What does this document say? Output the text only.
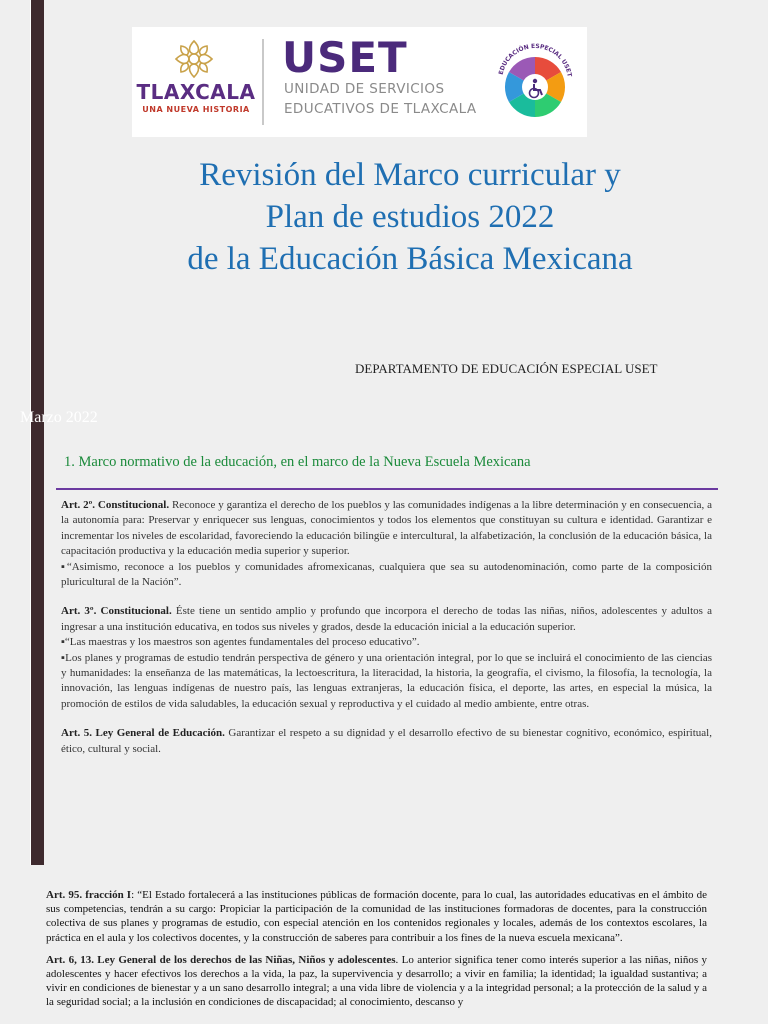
TLAXCALA
UNA NUEVA HISTORIA
USET
UNIDAD DE SERVICIOS
EDUCATIVOS DE TLAXCALA
EDUCACIÓN ESPECIAL USET
Revisión del Marco curricular y
Plan de estudios 2022
de la Educación Básica Mexicana
DEPARTAMENTO DE EDUCACIÓN ESPECIAL USET
Marzo 2022
1. Marco normativo de la educación, en el marco de la Nueva Escuela Mexicana

Art. 2º. Constitucional. Reconoce y garantiza el derecho de los pueblos y las comunidades indígenas a la libre determinación y en consecuencia, a la autonomía para: Preservar y enriquecer sus lenguas, conocimientos y todos los elementos que constituyan su cultura e identidad. Garantizar e incrementar los niveles de escolaridad, favoreciendo la educación bilingüe e intercultural, la alfabetización, la conclusión de la educación básica, la capacitación productiva y la educación media superior y superior.

▪“Asimismo, reconoce a los pueblos y comunidades afromexicanas, cualquiera que sea su autodenominación, como parte de la composición pluricultural de la Nación”.

Art. 3º. Constitucional. Éste tiene un sentido amplio y profundo que incorpora el derecho de todas las niñas, niños, adolescentes y adultos a ingresar a una institución educativa, en todos sus niveles y grados, desde la educación inicial a la educación superior.

▪“Las maestras y los maestros son agentes fundamentales del proceso educativo”.

▪Los planes y programas de estudio tendrán perspectiva de género y una orientación integral, por lo que se incluirá el conocimiento de las ciencias y humanidades: la enseñanza de las matemáticas, la lectoescritura, la literacidad, la historia, la geografía, el civismo, la filosofía, la tecnología, la innovación, las lenguas indígenas de nuestro país, las lenguas extranjeras, la educación física, el deporte, las artes, en especial la música, la promoción de estilos de vida saludables, la educación sexual y reproductiva y el cuidado al medio ambiente, entre otras.

Art. 5. Ley General de Educación. Garantizar el respeto a su dignidad y el desarrollo efectivo de su bienestar cognitivo, económico, espiritual, ético, cultural y social.

Art. 95. fracción I: “El Estado fortalecerá a las instituciones públicas de formación docente, para lo cual, las autoridades educativas en el ámbito de sus competencias, tendrán a su cargo: Propiciar la participación de la comunidad de las instituciones formadoras de docentes, para la construcción colectiva de sus planes y programas de estudio, con especial atención en los contenidos regionales y locales, además de los contextos escolares, la práctica en el aula y los colectivos docentes, y la construcción de saberes para contribuir a los fines de la nueva escuela mexicana”.

Art. 6, 13. Ley General de los derechos de las Niñas, Niños y adolescentes. Lo anterior significa tener como interés superior a las niñas, niños y adolescentes y hacer efectivos los derechos a la vida, la paz, la supervivencia y desarrollo; a vivir en familia; la identidad; la igualdad sustantiva; a vivir en condiciones de bienestar y a un sano desarrollo integral; a una vida libre de violencia y a la integridad personal; a la protección de la salud y a la seguridad social; a la inclusión en condiciones de discapacidad; al conocimiento, descanso y
